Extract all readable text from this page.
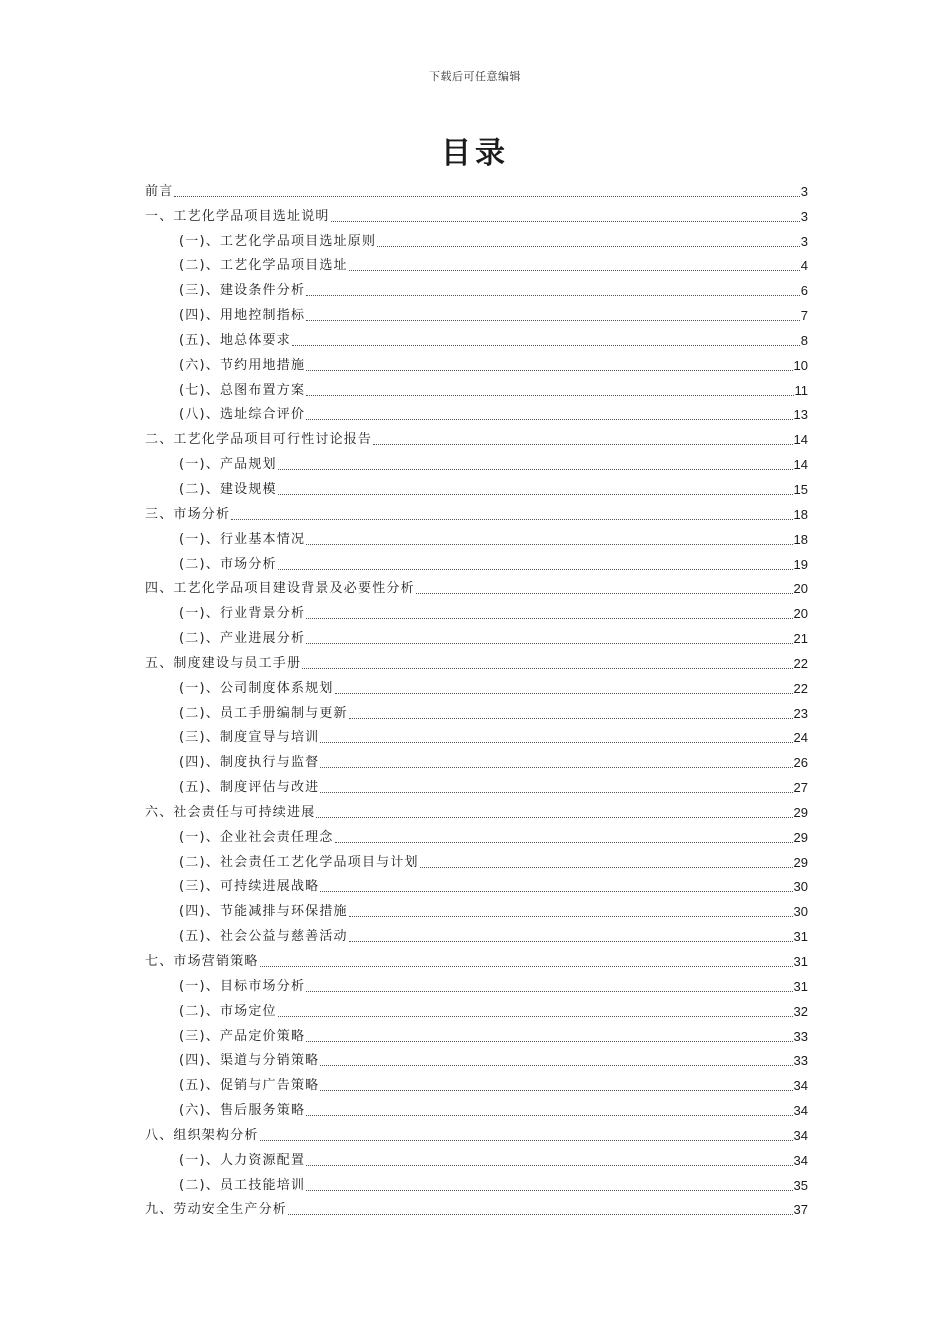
下载后可任意编辑
目录
前言	3
一、工艺化学品项目选址说明	3
(一)、工艺化学品项目选址原则	3
(二)、工艺化学品项目选址	4
(三)、建设条件分析	6
(四)、用地控制指标	7
(五)、地总体要求	8
(六)、节约用地措施	10
(七)、总图布置方案	11
(八)、选址综合评价	13
二、工艺化学品项目可行性讨论报告	14
(一)、产品规划	14
(二)、建设规模	15
三、市场分析	18
(一)、行业基本情况	18
(二)、市场分析	19
四、工艺化学品项目建设背景及必要性分析	20
(一)、行业背景分析	20
(二)、产业进展分析	21
五、制度建设与员工手册	22
(一)、公司制度体系规划	22
(二)、员工手册编制与更新	23
(三)、制度宣导与培训	24
(四)、制度执行与监督	26
(五)、制度评估与改进	27
六、社会责任与可持续进展	29
(一)、企业社会责任理念	29
(二)、社会责任工艺化学品项目与计划	29
(三)、可持续进展战略	30
(四)、节能减排与环保措施	30
(五)、社会公益与慈善活动	31
七、市场营销策略	31
(一)、目标市场分析	31
(二)、市场定位	32
(三)、产品定价策略	33
(四)、渠道与分销策略	33
(五)、促销与广告策略	34
(六)、售后服务策略	34
八、组织架构分析	34
(一)、人力资源配置	34
(二)、员工技能培训	35
九、劳动安全生产分析	37
